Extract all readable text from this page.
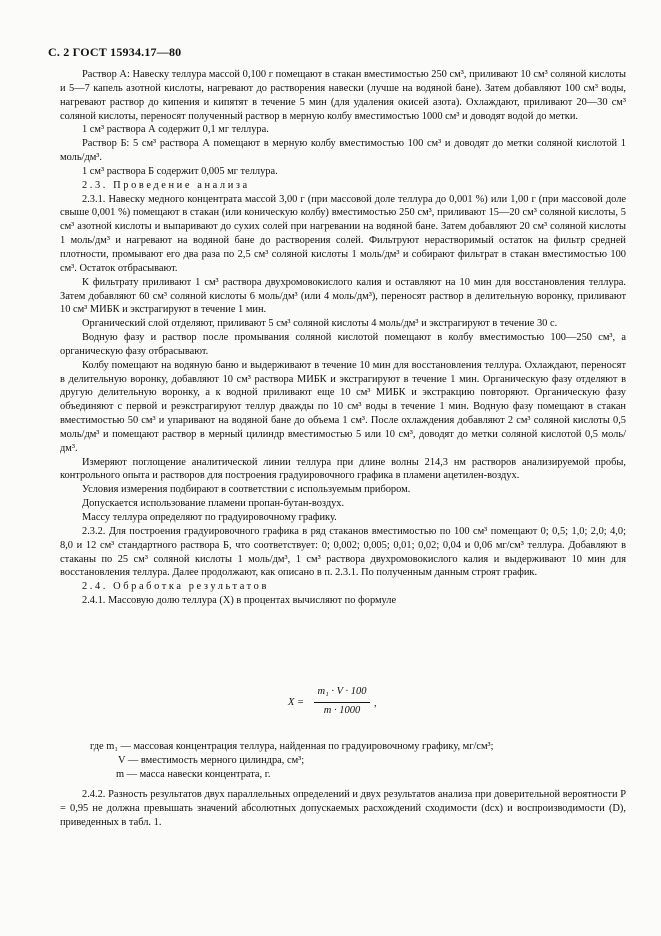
С. 2 ГОСТ 15934.17—80

Раствор А: Навеску теллура массой 0,100 г помещают в стакан вместимостью 250 см³, приливают 10 см³ соляной кислоты и 5—7 капель азотной кислоты, нагревают до растворения навески (лучше на водяной бане). Затем добавляют 100 см³ воды, нагревают раствор до кипения и кипятят в течение 5 мин (для удаления окисей азота). Охлаждают, приливают 20—30 см³ соляной кислоты, переносят полученный раствор в мерную колбу вместимостью 1000 см³ и доводят водой до метки.

1 см³ раствора А содержит 0,1 мг теллура.

Раствор Б: 5 см³ раствора А помещают в мерную колбу вместимостью 100 см³ и доводят до метки соляной кислотой 1 моль/дм³.

1 см³ раствора Б содержит 0,005 мг теллура.

2.3. Проведение анализа

2.3.1. Навеску медного концентрата массой 3,00 г (при массовой доле теллура до 0,001 %) или 1,00 г (при массовой доле свыше 0,001 %) помещают в стакан (или коническую колбу) вместимостью 250 см³, приливают 15—20 см³ соляной кислоты, 5 см³ азотной кислоты и выпаривают до сухих солей при нагревании на водяной бане. Затем добавляют 20 см³ соляной кислоты 1 моль/дм³ и нагревают на водяной бане до растворения солей. Фильтруют нерастворимый остаток на фильтр средней плотности, промывают его два раза по 2,5 см³ соляной кислоты 1 моль/дм³ и собирают фильтрат в стакан вместимостью 100 см³. Остаток отбрасывают.

К фильтрату приливают 1 см³ раствора двухромовокислого калия и оставляют на 10 мин для восстановления теллура. Затем добавляют 60 см³ соляной кислоты 6 моль/дм³ (или 4 моль/дм³), переносят раствор в делительную воронку, приливают 10 см³ МИБК и экстрагируют в течение 1 мин.

Органический слой отделяют, приливают 5 см³ соляной кислоты 4 моль/дм³ и экстрагируют в течение 30 с.

Водную фазу и раствор после промывания соляной кислотой помещают в колбу вместимостью 100—250 см³, а органическую фазу отбрасывают.

Колбу помещают на водяную баню и выдерживают в течение 10 мин для восстановления теллура. Охлаждают, переносят в делительную воронку, добавляют 10 см³ раствора МИБК и экстрагируют в течение 1 мин. Органическую фазу отделяют в другую делительную воронку, а к водной приливают еще 10 см³ МИБК и экстракцию повторяют. Органическую фазу объединяют с первой и реэкстрагируют теллур дважды по 10 см³ воды в течение 1 мин. Водную фазу помещают в стакан вместимостью 50 см³ и упаривают на водяной бане до объема 1 см³. После охлаждения добавляют 2 см³ соляной кислоты 0,5 моль/дм³ и помещают раствор в мерный цилиндр вместимостью 5 или 10 см³, доводят до метки соляной кислотой 0,5 моль/дм³.

Измеряют поглощение аналитической линии теллура при длине волны 214,3 нм растворов анализируемой пробы, контрольного опыта и растворов для построения градуировочного графика в пламени ацетилен-воздух.

Условия измерения подбирают в соответствии с используемым прибором.

Допускается использование пламени пропан-бутан-воздух.

Массу теллура определяют по градуировочному графику.

2.3.2. Для построения градуировочного графика в ряд стаканов вместимостью по 100 см³ помещают 0; 0,5; 1,0; 2,0; 4,0; 8,0 и 12 см³ стандартного раствора Б, что соответствует: 0; 0,002; 0,005; 0,01; 0,02; 0,04 и 0,06 мг/см³ теллура. Добавляют в стаканы по 25 см³ соляной кислоты 1 моль/дм³, 1 см³ раствора двухромовокислого калия и выдерживают 10 мин для восстановления теллура. Далее продолжают, как описано в п. 2.3.1. По полученным данным строят график.

2.4. Обработка результатов

2.4.1. Массовую долю теллура (X) в процентах вычисляют по формуле

X =
m₁ · V · 100
m · 1000
,
где m₁ — массовая концентрация теллура, найденная по градуировочному графику, мг/см³;
V — вместимость мерного цилиндра, см³;
m — масса навески концентрата, г.

2.4.2. Разность результатов двух параллельных определений и двух результатов анализа при доверительной вероятности P = 0,95 не должна превышать значений абсолютных допускаемых расхождений сходимости (dсх) и воспроизводимости (D), приведенных в табл. 1.
